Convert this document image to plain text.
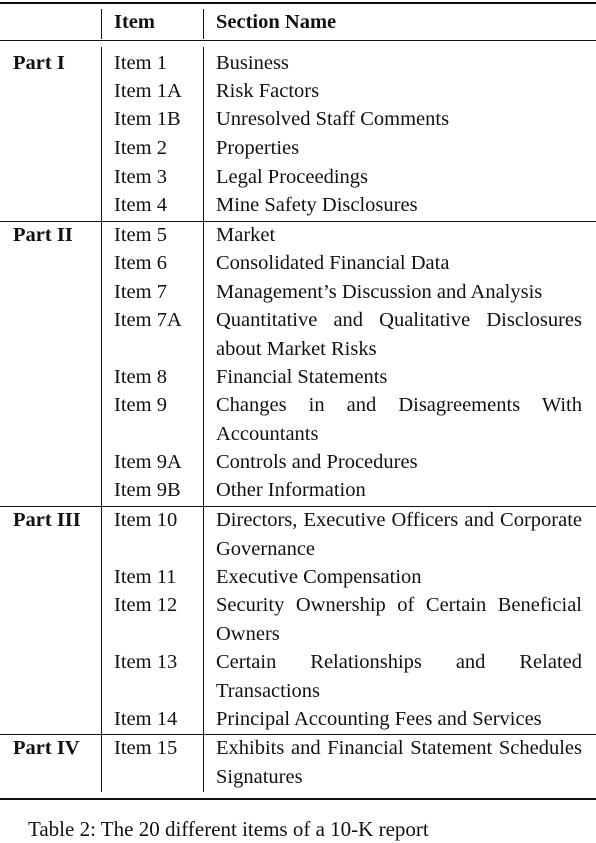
Item	Section Name
Part I Item 1 Business
Item 1A Risk Factors
Item 1B Unresolved Staff Comments
Item 2 Properties
Item 3 Legal Proceedings
Item 4 Mine Safety Disclosures
Part II Item 5 Market
Item 6 Consolidated Financial Data
Item 7 Management’s Discussion and Analysis
Item 7A Quantitative and Qualitative Disclosures about Market Risks
Item 8 Financial Statements
Item 9 Changes in and Disagreements With Accountants
Item 9A Controls and Procedures
Item 9B Other Information
Part III Item 10 Directors, Executive Officers and Corporate Governance
Item 11 Executive Compensation
Item 12 Security Ownership of Certain Beneficial Owners
Item 13 Certain Relationships and Related Transactions
Item 14 Principal Accounting Fees and Services
Part IV Item 15 Exhibits and Financial Statement Schedules Signatures
Table 2: The 20 different items of a 10-K report
